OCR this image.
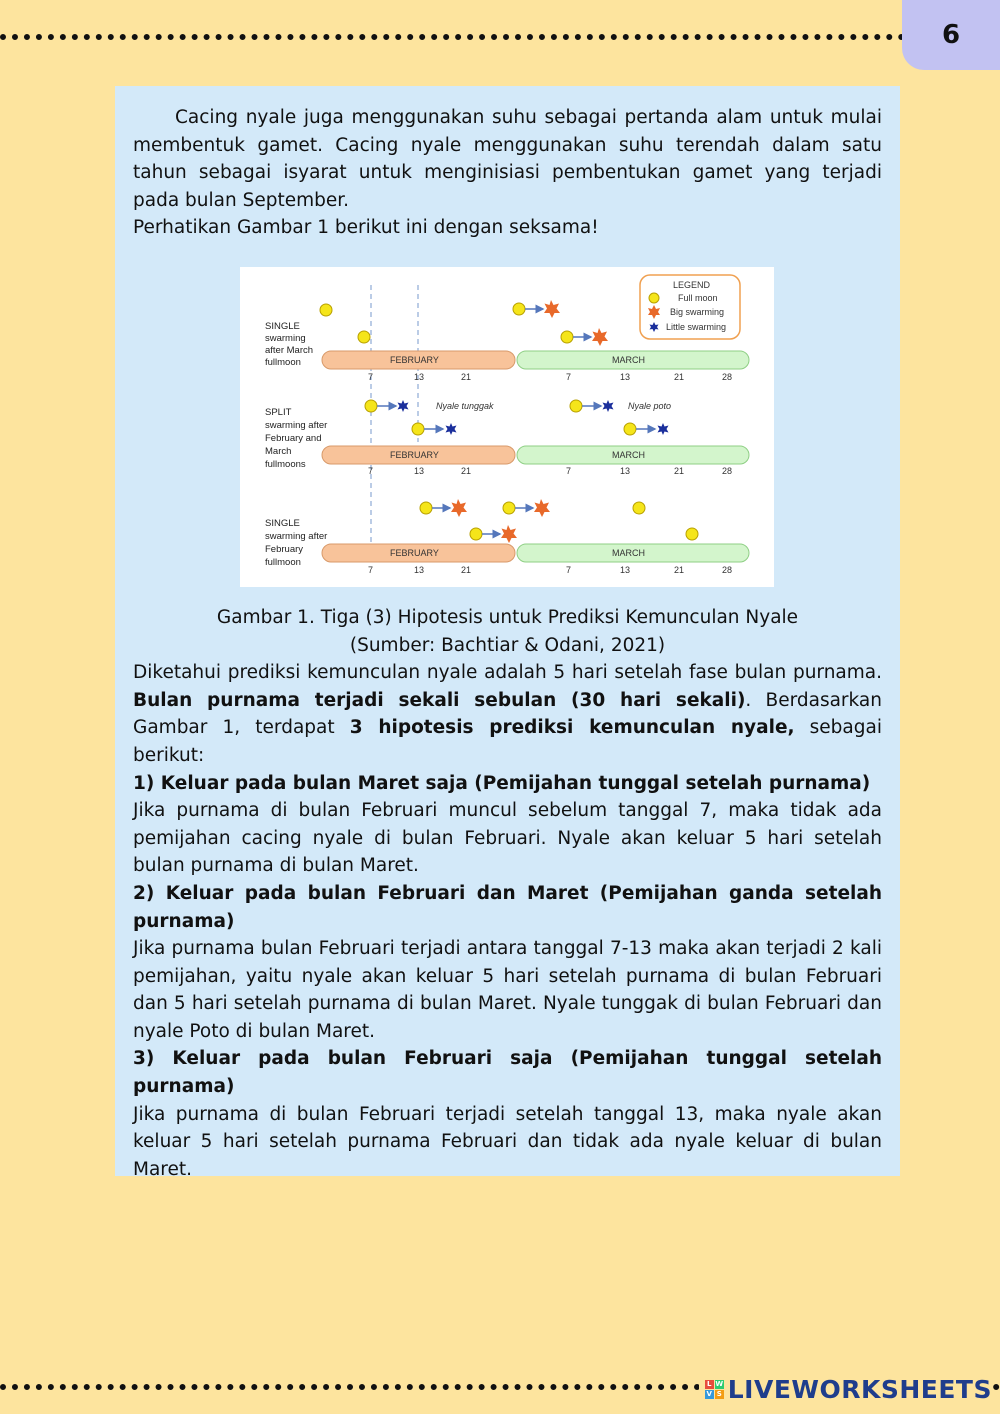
6

Cacing nyale juga menggunakan suhu sebagai pertanda alam untuk mulai membentuk gamet. Cacing nyale menggunakan suhu terendah dalam satu tahun sebagai isyarat untuk menginisiasi pembentukan gamet yang terjadi pada bulan September.

Perhatikan Gambar 1 berikut ini dengan seksama!

LEGEND
Full moon
Big swarming
Little swarming
SINGLE
swarming
after March
fullmoon	FEBRUARY	MARCH
7	13	21	7	13	21	28
SPLIT
swarming after
February and
March
fullmoons
Nyale tunggak	Nyale poto
FEBRUARY	MARCH
7	13	21	7	13	21	28
SINGLE
swarming after
February
fullmoon
FEBRUARY	MARCH
7	13	21	7	13	21	28

Gambar 1. Tiga (3) Hipotesis untuk Prediksi Kemunculan Nyale

(Sumber: Bachtiar & Odani, 2021)

Diketahui prediksi kemunculan nyale adalah 5 hari setelah fase bulan purnama. Bulan purnama terjadi sekali sebulan (30 hari sekali). Berdasarkan Gambar 1, terdapat 3 hipotesis prediksi kemunculan nyale, sebagai berikut:

1) Keluar pada bulan Maret saja (Pemijahan tunggal setelah purnama)

Jika purnama di bulan Februari muncul sebelum tanggal 7, maka tidak ada pemijahan cacing nyale di bulan Februari. Nyale akan keluar 5 hari setelah bulan purnama di bulan Maret.

2) Keluar pada bulan Februari dan Maret (Pemijahan ganda setelah purnama)

Jika purnama bulan Februari terjadi antara tanggal 7-13 maka akan terjadi 2 kali pemijahan, yaitu nyale akan keluar 5 hari setelah purnama di bulan Februari dan 5 hari setelah purnama di bulan Maret. Nyale tunggak di bulan Februari dan nyale Poto di bulan Maret.

3) Keluar pada bulan Februari saja (Pemijahan tunggal setelah purnama)

Jika purnama di bulan Februari terjadi setelah tanggal 13, maka nyale akan keluar 5 hari setelah purnama Februari dan tidak ada nyale keluar di bulan Maret.

L W
V S LIVEWORKSHEETS
